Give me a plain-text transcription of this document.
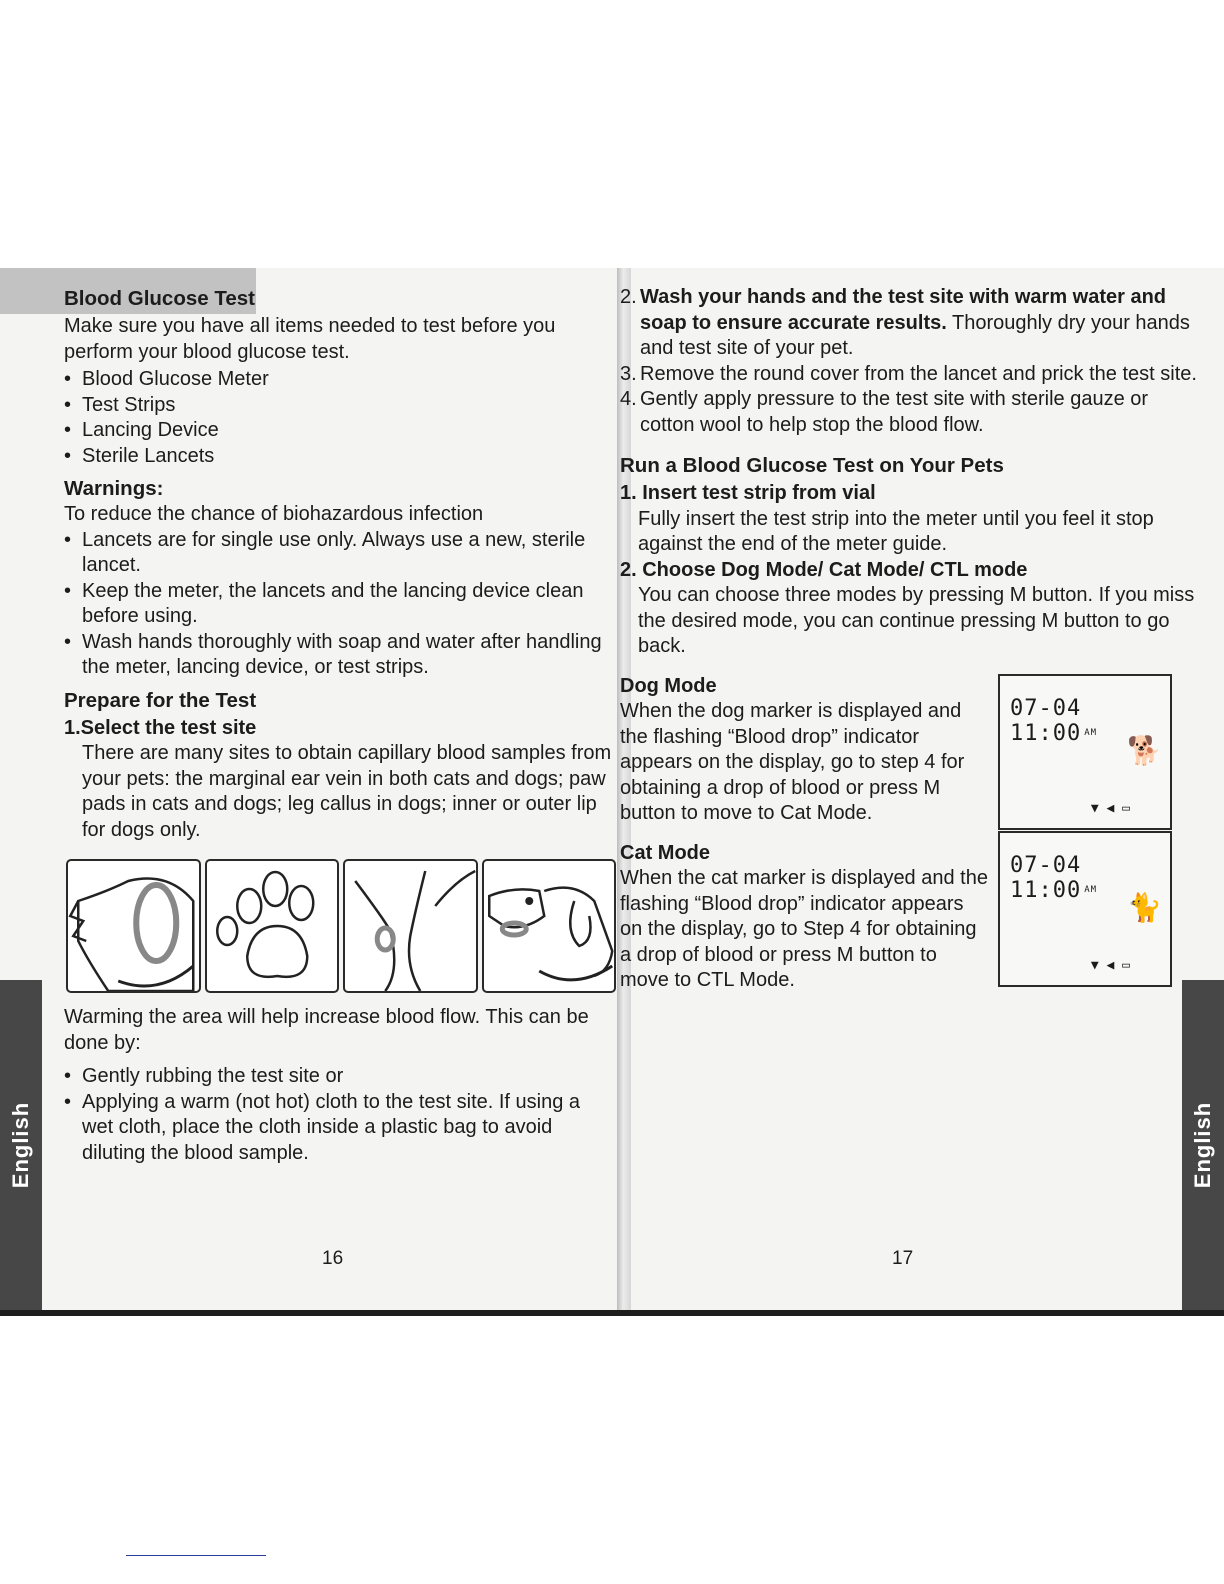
English	English
Blood Glucose Test

Make sure you have all items needed to test before you perform your blood glucose test.

• Blood Glucose Meter
• Test Strips
• Lancing Device
• Sterile Lancets
Warnings:

To reduce the chance of biohazardous infection

• Lancets are for single use only. Always use a new, sterile lancet.
• Keep the meter, the lancets and the lancing device clean before using.
• Wash hands thoroughly with soap and water after handling the meter, lancing device, or test strips.
Prepare for the Test
1.Select the test site

There are many sites to obtain capillary blood samples from your pets: the marginal ear vein in both cats and dogs; paw pads in cats and dogs; leg callus in dogs; inner or outer lip for dogs only.

Warming the area will help increase blood flow. This can be done by:

• Gently rubbing the test site or
• Applying a warm (not hot) cloth to the test site. If using a wet cloth, place the cloth inside a plastic bag to avoid diluting the blood sample.
16
2. Wash your hands and the test site with warm water and soap to ensure accurate results. Thoroughly dry your hands and test site of your pet.
3. Remove the round cover from the lancet and prick the test site.
4. Gently apply pressure to the test site with sterile gauze or cotton wool to help stop the blood flow.
Run a Blood Glucose Test on Your Pets
1. Insert test strip from vial

Fully insert the test strip into the meter until you feel it stop against the end of the meter guide.

2. Choose Dog Mode/ Cat Mode/ CTL mode

You can choose three modes by pressing M button. If you miss the desired mode, you can continue pressing M button to go back.

Dog Mode

When the dog marker is displayed and the flashing “Blood drop” indicator appears on the display, go to step 4 for obtaining a drop of blood or press M button to move to Cat Mode.

07-04 11:00 $^{AM}$
🐕
▼ ◀ ▭
Cat Mode

When the cat marker is displayed and the flashing “Blood drop” indicator appears on the display, go to Step 4 for obtaining a drop of blood or press M button to move to CTL Mode.

07-04 11:00 $^{AM}$
🐈
▼ ◀ ▭
17
